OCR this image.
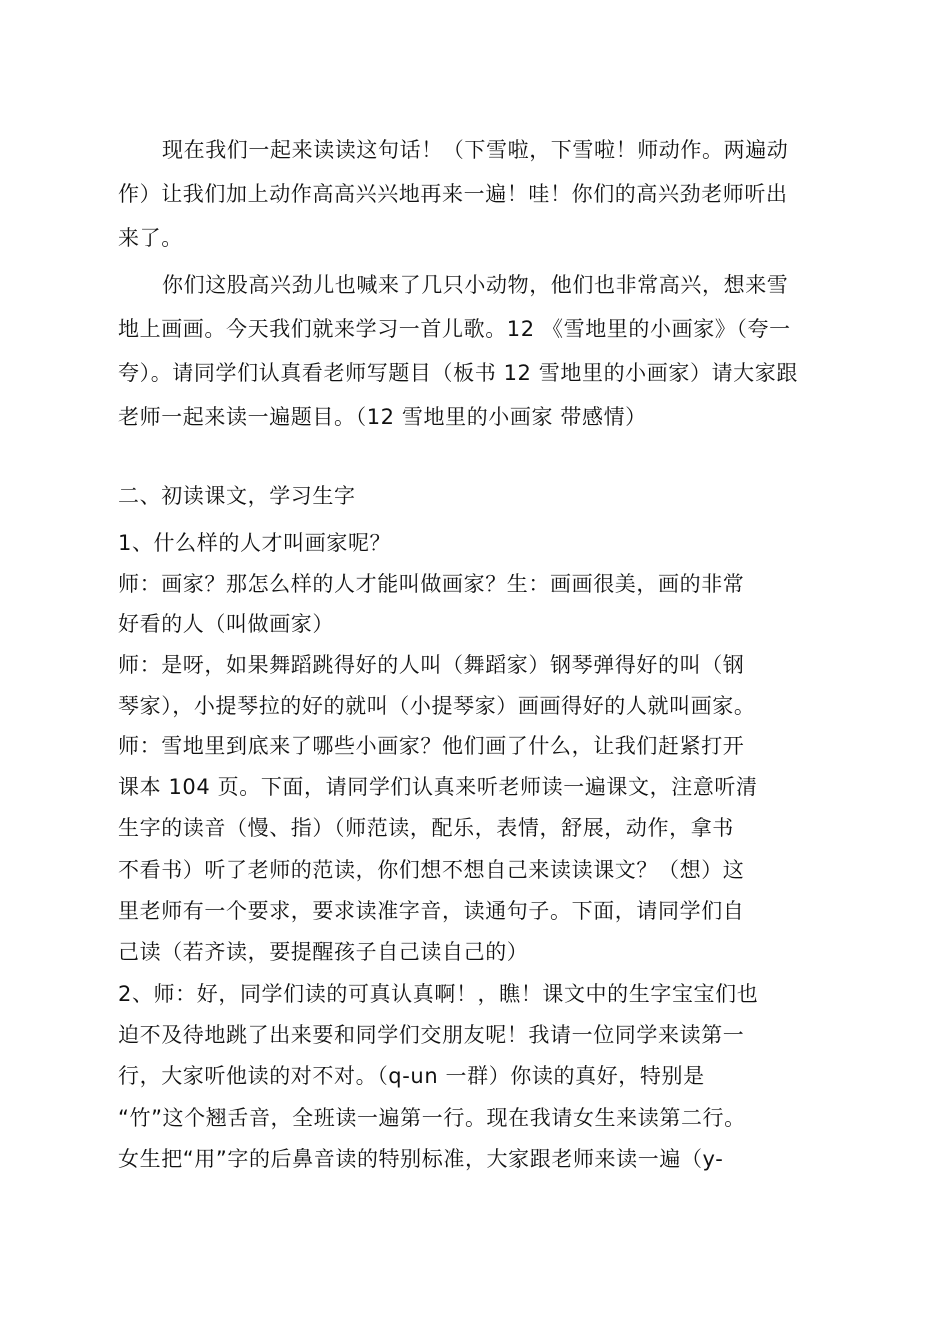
现在我们一起来读读这句话！（下雪啦，下雪啦！师动作。两遍动
作）让我们加上动作高高兴兴地再来一遍！哇！你们的高兴劲老师听出
来了。
你们这股高兴劲儿也喊来了几只小动物，他们也非常高兴，想来雪
地上画画。今天我们就来学习一首儿歌。12 《雪地里的小画家》（夸一
夸）。请同学们认真看老师写题目（板书 12 雪地里的小画家）请大家跟
老师一起来读一遍题目。（12 雪地里的小画家 带感情）
二、初读课文，学习生字
1、什么样的人才叫画家呢？
师：画家？那怎么样的人才能叫做画家？生：画画很美，画的非常
好看的人（叫做画家）
师：是呀，如果舞蹈跳得好的人叫（舞蹈家）钢琴弹得好的叫（钢
琴家），小提琴拉的好的就叫（小提琴家）画画得好的人就叫画家。
师：雪地里到底来了哪些小画家？他们画了什么，让我们赶紧打开
课本 104 页。下面，请同学们认真来听老师读一遍课文，注意听清
生字的读音（慢、指）（师范读，配乐，表情，舒展，动作，拿书
不看书）听了老师的范读，你们想不想自己来读读课文？（想）这
里老师有一个要求，要求读准字音，读通句子。下面，请同学们自
己读（若齐读，要提醒孩子自己读自己的）
2、师：好，同学们读的可真认真啊！，瞧！课文中的生字宝宝们也
迫不及待地跳了出来要和同学们交朋友呢！我请一位同学来读第一
行，大家听他读的对不对。（q-un 一群）你读的真好，特别是
“竹”这个翘舌音，全班读一遍第一行。现在我请女生来读第二行。
女生把“用”字的后鼻音读的特别标准，大家跟老师来读一遍（y-
